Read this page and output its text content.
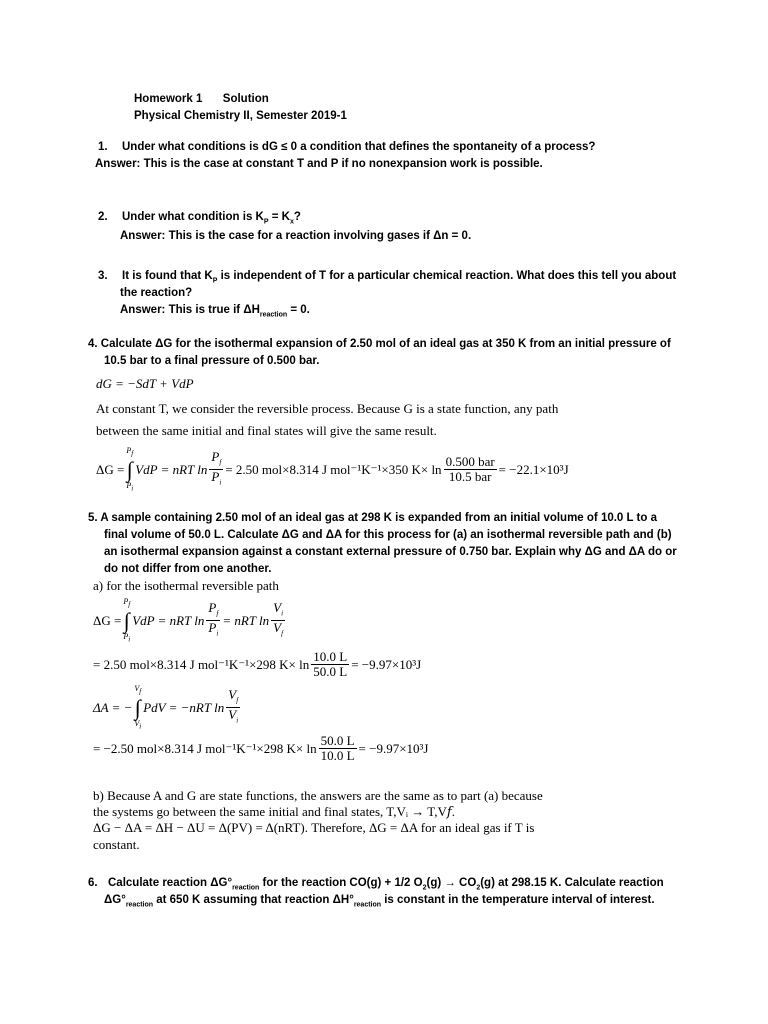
Homework 1 Solution
Physical Chemistry II, Semester 2019-1
1. Under what conditions is dG ≤ 0 a condition that defines the spontaneity of a process?
Answer: This is the case at constant T and P if no nonexpansion work is possible.
2. Under what condition is $K_P = K_x$?
Answer: This is the case for a reaction involving gases if Δn = 0.
3. It is found that $K_P$ is independent of T for a particular chemical reaction. What does this tell you about
the reaction?
Answer: This is true if $\Delta H_{reaction} = 0$.
4. Calculate ΔG for the isothermal expansion of 2.50 mol of an ideal gas at 350 K from an initial pressure of
10.5 bar to a final pressure of 0.500 bar.
dG = −SdT + VdP
At constant T, we consider the reversible process. Because G is a state function, any path
between the same initial and final states will give the same result.
ΔG =
$P_f$
∫
$P_i$
VdP = nRT $\ln \frac{P_f}{P_i} = 2.50$ mol×8.314 J mol⁻¹K⁻¹×350 $K\times \ln \frac{\text{0.500 bar}}{\text{10.5 bar}} = -22.1\times 10^3J$
5. A sample containing 2.50 mol of an ideal gas at 298 K is expanded from an initial volume of 10.0 L to a
final volume of 50.0 L. Calculate ΔG and ΔA for this process for (a) an isothermal reversible path and (b)
an isothermal expansion against a constant external pressure of 0.750 bar. Explain why ΔG and ΔA do or
do not differ from one another.
a) for the isothermal reversible path
ΔG =
$P_f$
∫
$P_i$
VdP = nRT $\ln \frac{P_f}{P_i}$ = nRT $\ln \frac{V_i}{V_f}$
= 2.50 mol×8.314 J mol⁻¹K⁻¹×298 $K\times \ln \frac{10.0 L}{50.0 L} = -9.97\times 10^3J$
ΔA = −
$V_f$
∫
$V_i$
PdV = −nRT $\ln \frac{V_f}{V_i}$
= −2.50 mol×8.314 J mol⁻¹K⁻¹×298 $K\times \ln \frac{50.0 L}{10.0 L} = -9.97\times 10^3J$
b) Because A and G are state functions, the answers are the same as to part (a) because
the systems go between the same initial and final states, T,Vᵢ → T,V𝑓.
ΔG − ΔA = ΔH − ΔU = Δ(PV) = Δ(nRT). Therefore, ΔG = ΔA for an ideal gas if T is
constant.
6. Calculate reaction $\Delta G^\circ_{reaction}$ for the reaction CO(g) + 1/2 $O_2(g) \to CO_2(g)$ at 298.15 K. Calculate reaction
$\Delta G^\circ_{reaction}$ at 650 K assuming that reaction $\Delta H^\circ_{reaction}$ is constant in the temperature interval of interest.
